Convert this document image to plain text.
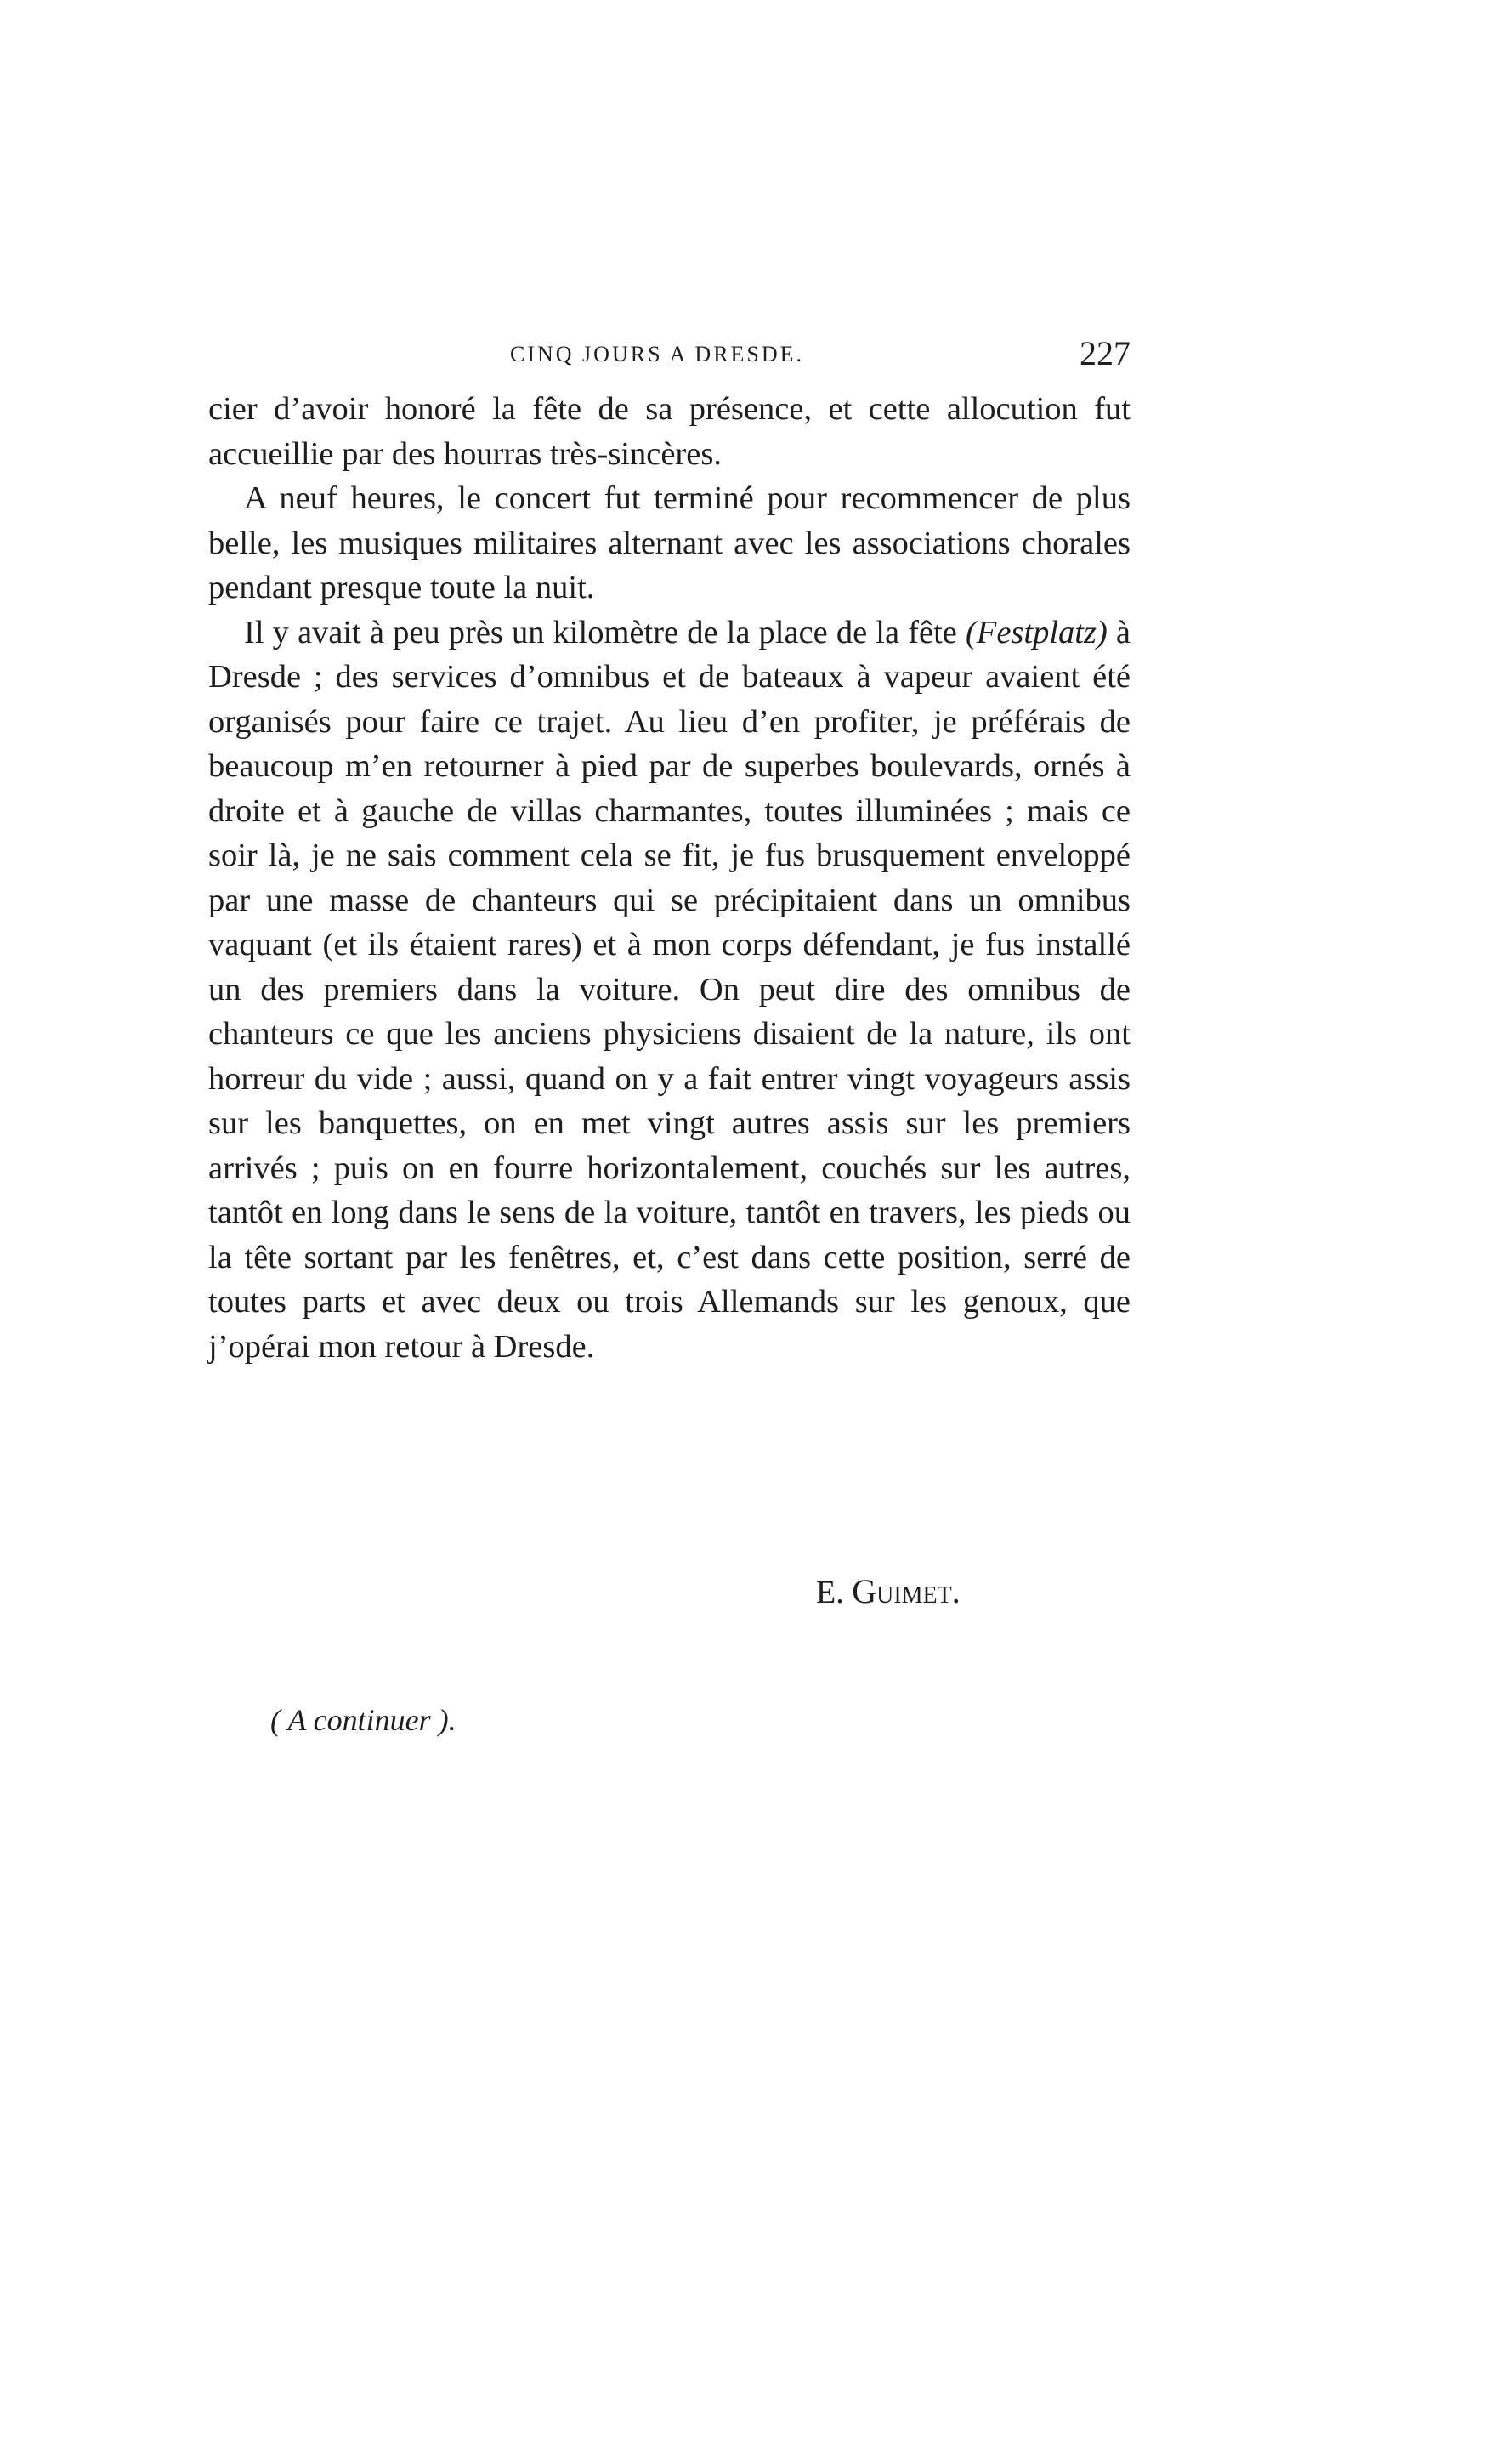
CINQ JOURS A DRESDE.	227

cier d’avoir honoré la fête de sa présence, et cette allocution fut accueillie par des hourras très-sincères.

A neuf heures, le concert fut terminé pour recommencer de plus belle, les musiques militaires alternant avec les associations chorales pendant presque toute la nuit.

Il y avait à peu près un kilomètre de la place de la fête (Festplatz) à Dresde ; des services d’omnibus et de bateaux à vapeur avaient été organisés pour faire ce trajet. Au lieu d’en profiter, je préférais de beaucoup m’en retourner à pied par de superbes boulevards, ornés à droite et à gauche de villas charmantes, toutes illuminées ; mais ce soir là, je ne sais comment cela se fit, je fus brusquement enveloppé par une masse de chanteurs qui se précipitaient dans un omnibus vaquant (et ils étaient rares) et à mon corps défendant, je fus installé un des premiers dans la voiture. On peut dire des omnibus de chanteurs ce que les anciens physiciens disaient de la nature, ils ont horreur du vide ; aussi, quand on y a fait entrer vingt voyageurs assis sur les banquettes, on en met vingt autres assis sur les premiers arrivés ; puis on en fourre horizontalement, couchés sur les autres, tantôt en long dans le sens de la voiture, tantôt en travers, les pieds ou la tête sortant par les fenêtres, et, c’est dans cette position, serré de toutes parts et avec deux ou trois Allemands sur les genoux, que j’opérai mon retour à Dresde.

E. Guimet.
( A continuer ).
